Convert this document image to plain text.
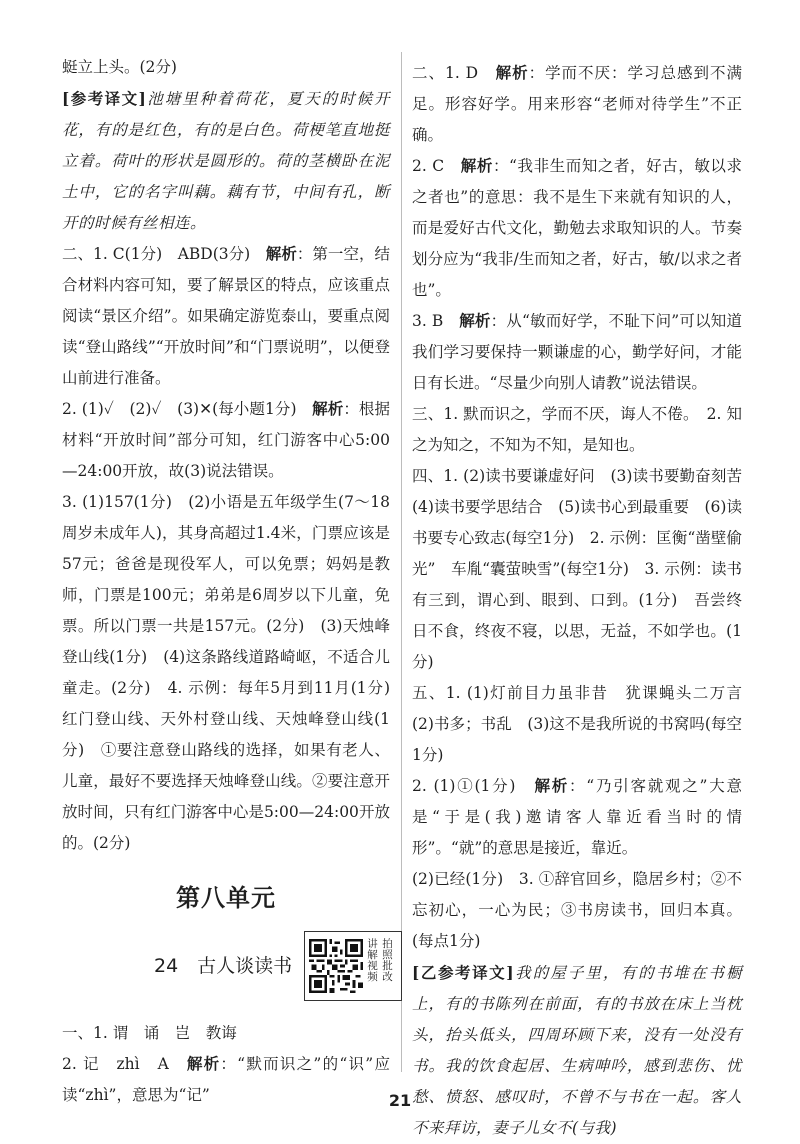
蜓立上头。(2分)

[参考译文]池塘里种着荷花，夏天的时候开花，有的是红色，有的是白色。荷梗笔直地挺立着。荷叶的形状是圆形的。荷的茎横卧在泥土中，它的名字叫藕。藕有节，中间有孔，断开的时候有丝相连。

二、1. C(1分)　ABD(3分)　解析：第一空，结合材料内容可知，要了解景区的特点，应该重点阅读“景区介绍”。如果确定游览泰山，要重点阅读“登山路线”“开放时间”和“门票说明”，以便登山前进行准备。

2. (1)✓　(2)✓　(3)✕(每小题1分)　解析：根据材料“开放时间”部分可知，红门游客中心5:00—24:00开放，故(3)说法错误。

3. (1)157(1分)　(2)小语是五年级学生(7～18周岁未成年人)，其身高超过1.4米，门票应该是57元；爸爸是现役军人，可以免票；妈妈是教师，门票是100元；弟弟是6周岁以下儿童，免票。所以门票一共是157元。(2分)　(3)天烛峰登山线(1分)　(4)这条路线道路崎岖，不适合儿童走。(2分)　4. 示例：每年5月到11月(1分)　红门登山线、天外村登山线、天烛峰登山线(1分)　①要注意登山路线的选择，如果有老人、儿童，最好不要选择天烛峰登山线。②要注意开放时间，只有红门游客中心是5:00—24:00开放的。(2分)

第八单元
24　古人谈读书
讲
解
视
频
拍
照
批
改

一、1. 谓　诵　岂　教诲

2. 记　zhì　A　解析：“默而识之”的“识”应读“zhì”，意思为“记”

二、1. D　解析：学而不厌：学习总感到不满足。形容好学。用来形容“老师对待学生”不正确。

2. C　解析：“我非生而知之者，好古，敏以求之者也”的意思：我不是生下来就有知识的人，而是爱好古代文化，勤勉去求取知识的人。节奏划分应为“我非/生而知之者，好古，敏/以求之者也”。

3. B　解析：从“敏而好学，不耻下问”可以知道我们学习要保持一颗谦虚的心，勤学好问，才能日有长进。“尽量少向别人请教”说法错误。

三、1. 默而识之，学而不厌，诲人不倦。　2. 知之为知之，不知为不知，是知也。

四、1. (2)读书要谦虚好问　(3)读书要勤奋刻苦　(4)读书要学思结合　(5)读书心到最重要　(6)读书要专心致志(每空1分)　2. 示例：匡衡“凿壁偷光”　车胤“囊萤映雪”(每空1分)　3. 示例：读书有三到，谓心到、眼到、口到。(1分)　吾尝终日不食，终夜不寝，以思，无益，不如学也。(1分)

五、1. (1)灯前目力虽非昔　犹课蝇头二万言　(2)书多；书乱　(3)这不是我所说的书窝吗(每空1分)

2. (1)①(1分)　解析：“乃引客就观之”大意是“于是(我)邀请客人靠近看当时的情形”。“就”的意思是接近，靠近。

(2)已经(1分)　3. ①辞官回乡，隐居乡村；②不忘初心，一心为民；③书房读书，回归本真。(每点1分)

[乙参考译文]我的屋子里，有的书堆在书橱上，有的书陈列在前面，有的书放在床上当枕头，抬头低头，四周环顾下来，没有一处没有书。我的饮食起居、生病呻吟，感到悲伤、忧愁、愤怒、感叹时，不曾不与书在一起。客人不来拜访，妻子儿女不(与我)

21
